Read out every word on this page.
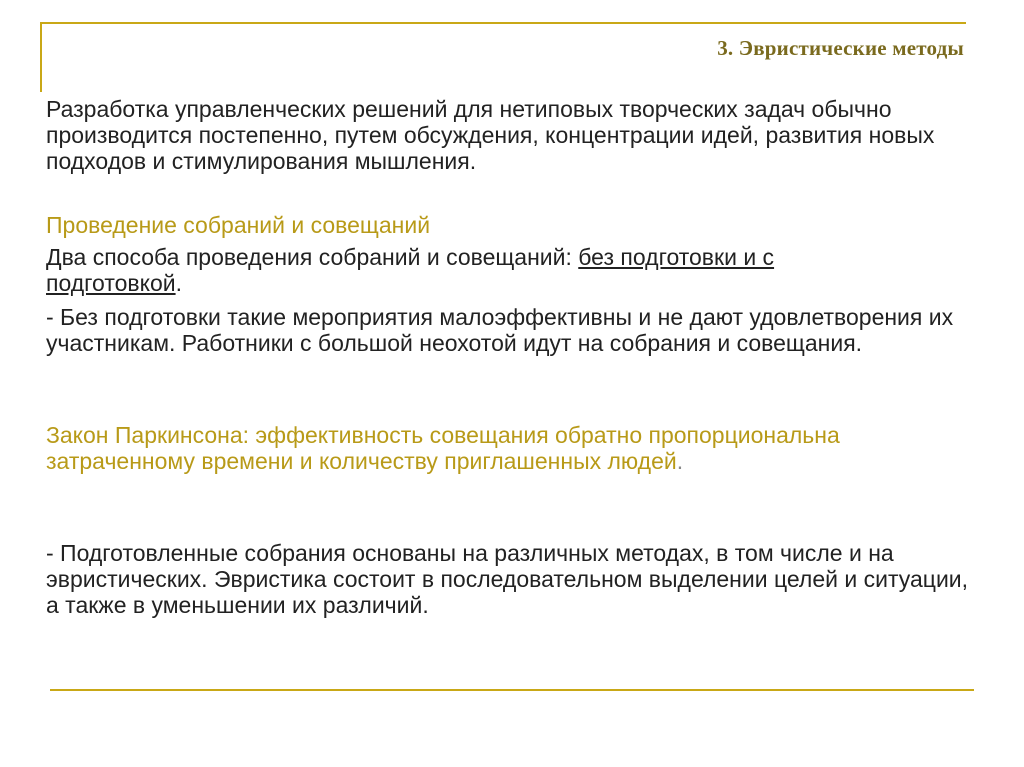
3. Эвристические методы
Разработка управленческих решений для нетиповых творческих задач обычно производится постепенно, путем обсуждения, концентрации идей, развития новых подходов и стимулирования мышления.
Проведение собраний и совещаний
Два способа проведения собраний и совещаний: без подготовки и с
подготовкой.
- Без подготовки такие мероприятия малоэффективны и не дают удовлетворения их участникам. Работники с большой неохотой идут на собрания и совещания.
Закон Паркинсона: эффективность совещания обратно пропорциональна затраченному времени и количеству приглашенных людей.
- Подготовленные собрания основаны на различных методах, в том числе и на эвристических. Эвристика состоит в последовательном выделении целей и ситуации, а также в уменьшении их различий.
